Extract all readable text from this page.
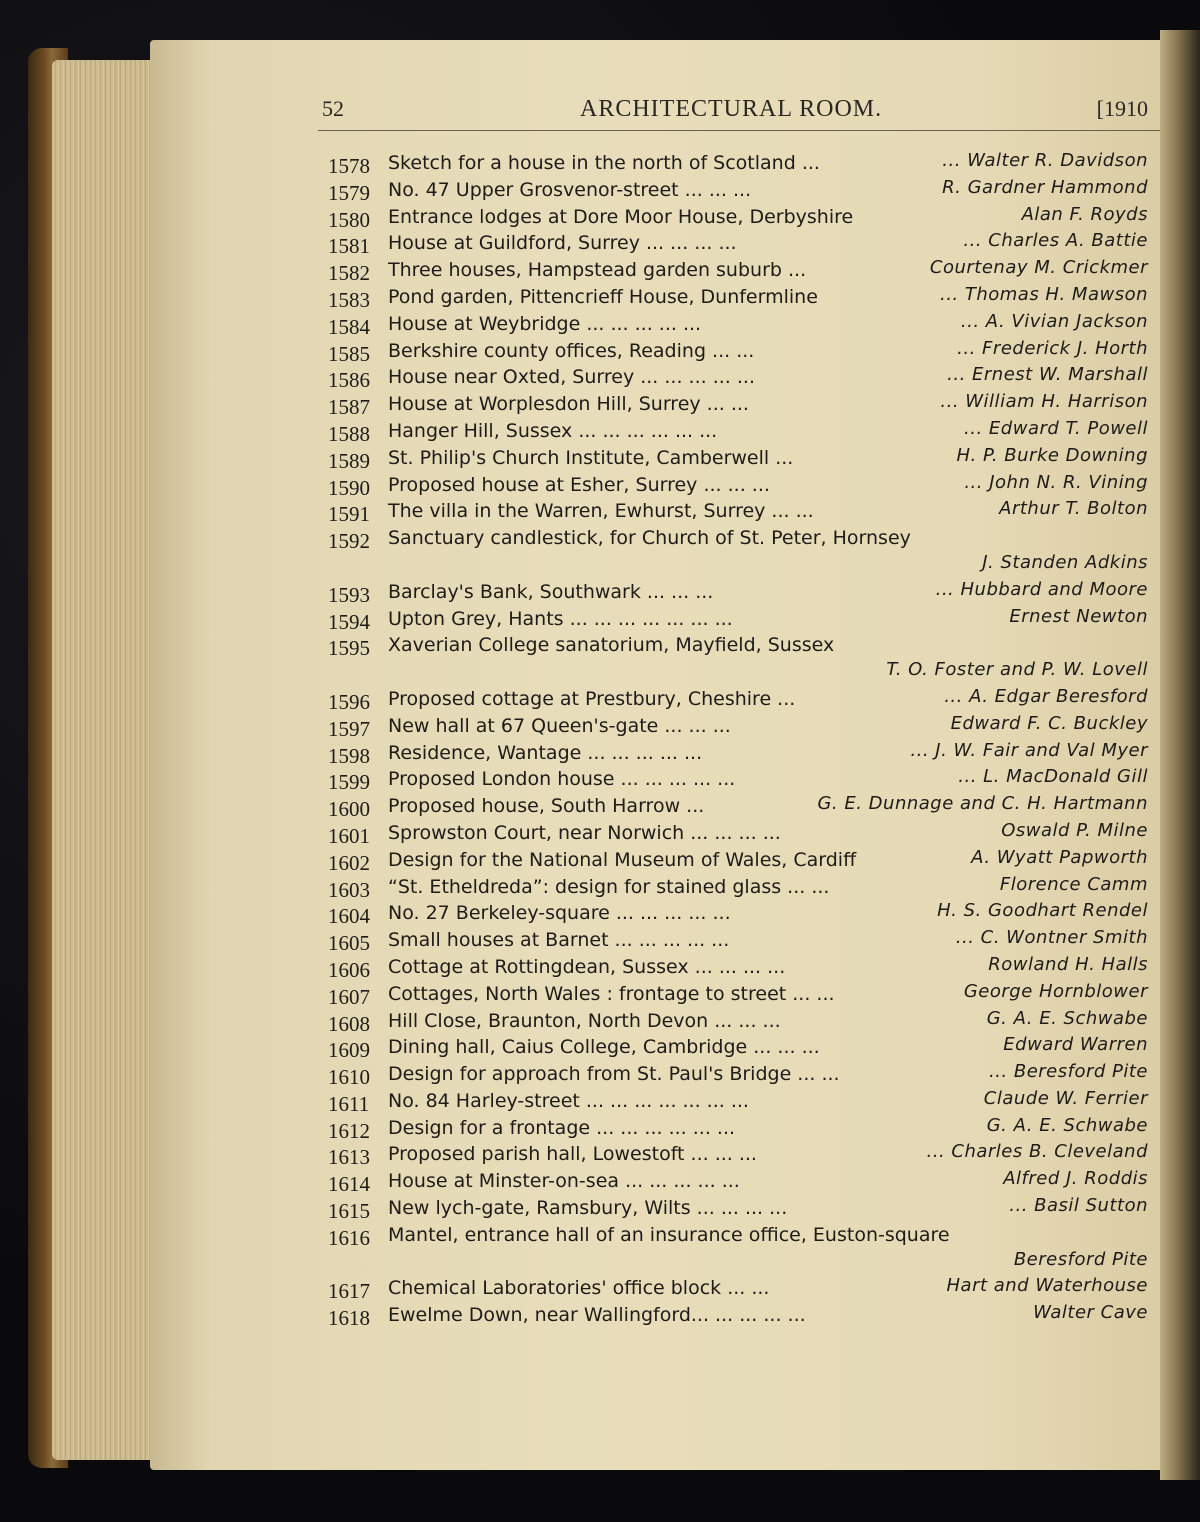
52	ARCHITECTURAL ROOM.	[1910
1578 Sketch for a house in the north of Scotland ...	... Walter R. Davidson
1579 No. 47 Upper Grosvenor-street ... ... ...	R. Gardner Hammond
1580 Entrance lodges at Dore Moor House, Derbyshire	Alan F. Royds
1581 House at Guildford, Surrey ... ... ... ...	... Charles A. Battie
1582 Three houses, Hampstead garden suburb ...	Courtenay M. Crickmer
1583 Pond garden, Pittencrieff House, Dunfermline	... Thomas H. Mawson
1584 House at Weybridge ... ... ... ... ...	... A. Vivian Jackson
1585 Berkshire county offices, Reading ... ...	... Frederick J. Horth
1586 House near Oxted, Surrey ... ... ... ... ...	... Ernest W. Marshall
1587 House at Worplesdon Hill, Surrey ... ...	... William H. Harrison
1588 Hanger Hill, Sussex ... ... ... ... ... ...	... Edward T. Powell
1589 St. Philip's Church Institute, Camberwell ...	H. P. Burke Downing
1590 Proposed house at Esher, Surrey ... ... ...	... John N. R. Vining
1591 The villa in the Warren, Ewhurst, Surrey ... ...	Arthur T. Bolton
1592 Sanctuary candlestick, for Church of St. Peter, Hornsey
J. Standen Adkins
1593 Barclay's Bank, Southwark ... ... ...	... Hubbard and Moore
1594 Upton Grey, Hants ... ... ... ... ... ... ...	Ernest Newton
1595 Xaverian College sanatorium, Mayfield, Sussex
T. O. Foster and P. W. Lovell
1596 Proposed cottage at Prestbury, Cheshire ...	... A. Edgar Beresford
1597 New hall at 67 Queen's-gate ... ... ...	Edward F. C. Buckley
1598 Residence, Wantage ... ... ... ... ...	... J. W. Fair and Val Myer
1599 Proposed London house ... ... ... ... ...	... L. MacDonald Gill
1600 Proposed house, South Harrow ...	G. E. Dunnage and C. H. Hartmann
1601 Sprowston Court, near Norwich ... ... ... ...	Oswald P. Milne
1602 Design for the National Museum of Wales, Cardiff	A. Wyatt Papworth
1603 “St. Etheldreda”: design for stained glass ... ...	Florence Camm
1604 No. 27 Berkeley-square ... ... ... ... ...	H. S. Goodhart Rendel
1605 Small houses at Barnet ... ... ... ... ...	... C. Wontner Smith
1606 Cottage at Rottingdean, Sussex ... ... ... ...	Rowland H. Halls
1607 Cottages, North Wales : frontage to street ... ...	George Hornblower
1608 Hill Close, Braunton, North Devon ... ... ...	G. A. E. Schwabe
1609 Dining hall, Caius College, Cambridge ... ... ...	Edward Warren
1610 Design for approach from St. Paul's Bridge ... ...	... Beresford Pite
1611 No. 84 Harley-street ... ... ... ... ... ... ...	Claude W. Ferrier
1612 Design for a frontage ... ... ... ... ... ...	G. A. E. Schwabe
1613 Proposed parish hall, Lowestoft ... ... ...	... Charles B. Cleveland
1614 House at Minster-on-sea ... ... ... ... ...	Alfred J. Roddis
1615 New lych-gate, Ramsbury, Wilts ... ... ... ...	... Basil Sutton
1616 Mantel, entrance hall of an insurance office, Euston-square
Beresford Pite
1617 Chemical Laboratories' office block ... ...	Hart and Waterhouse
1618 Ewelme Down, near Wallingford... ... ... ... ...	Walter Cave
